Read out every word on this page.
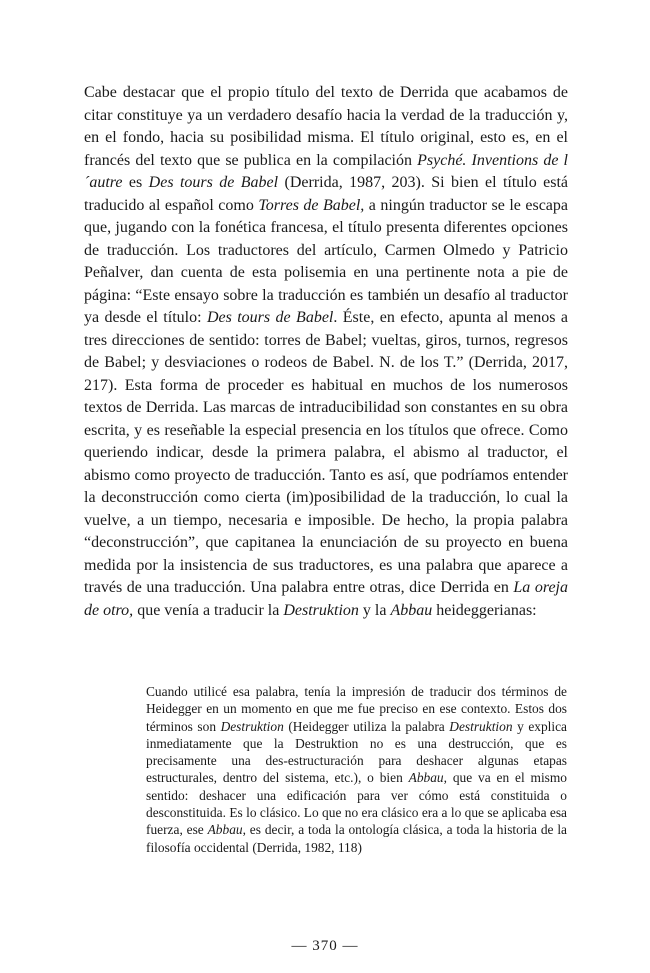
Cabe destacar que el propio título del texto de Derrida que acabamos de citar constituye ya un verdadero desafío hacia la verdad de la traducción y, en el fondo, hacia su posibilidad misma. El título original, esto es, en el francés del texto que se publica en la compilación Psyché. Inventions de l´autre es Des tours de Babel (Derrida, 1987, 203). Si bien el título está traducido al español como Torres de Babel, a ningún traductor se le escapa que, jugando con la fonética francesa, el título presenta diferentes opciones de traducción. Los traductores del artículo, Carmen Olmedo y Patricio Peñalver, dan cuenta de esta polisemia en una pertinente nota a pie de página: “Este ensayo sobre la traducción es también un desafío al traductor ya desde el título: Des tours de Babel. Éste, en efecto, apunta al menos a tres direcciones de sentido: torres de Babel; vueltas, giros, turnos, regresos de Babel; y desviaciones o rodeos de Babel. N. de los T.” (Derrida, 2017, 217). Esta forma de proceder es habitual en muchos de los numerosos textos de Derrida. Las marcas de intraducibilidad son constantes en su obra escrita, y es reseñable la especial presencia en los títulos que ofrece. Como queriendo indicar, desde la primera palabra, el abismo al traductor, el abismo como proyecto de traducción. Tanto es así, que podríamos entender la deconstrucción como cierta (im)posibilidad de la traducción, lo cual la vuelve, a un tiempo, necesaria e imposible. De hecho, la propia palabra “deconstrucción”, que capitanea la enunciación de su proyecto en buena medida por la insistencia de sus traductores, es una palabra que aparece a través de una traducción. Una palabra entre otras, dice Derrida en La oreja de otro, que venía a traducir la Destruktion y la Abbau heideggerianas:

Cuando utilicé esa palabra, tenía la impresión de traducir dos términos de Heidegger en un momento en que me fue preciso en ese contexto. Estos dos términos son Destruktion (Heidegger utiliza la palabra Destruktion y explica inmediatamente que la Destruktion no es una destrucción, que es precisamente una des-estructuración para deshacer algunas etapas estructurales, dentro del sistema, etc.), o bien Abbau, que va en el mismo sentido: deshacer una edificación para ver cómo está constituida o desconstituida. Es lo clásico. Lo que no era clásico era a lo que se aplicaba esa fuerza, ese Abbau, es decir, a toda la ontología clásica, a toda la historia de la filosofía occidental (Derrida, 1982, 118)

— 370 —
